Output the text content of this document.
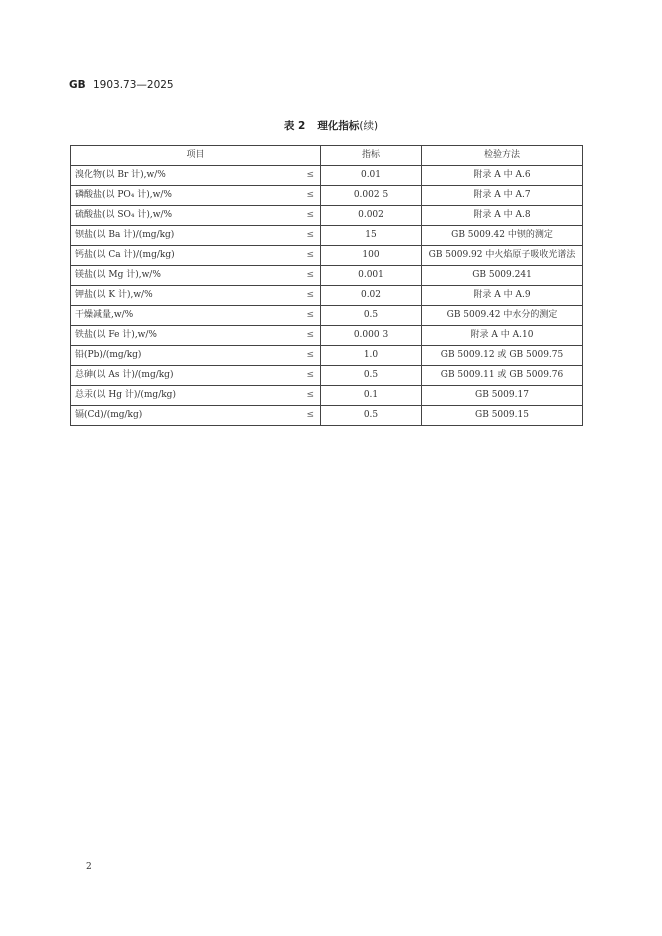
GB 1903.73—2025
表 2 理化指标(续)
项目		指标	检验方法
溴化物(以 Br 计),w/%	≤	0.01	附录 A 中 A.6
磷酸盐(以 PO₄ 计),w/%	≤	0.002 5	附录 A 中 A.7
硫酸盐(以 SO₄ 计),w/%	≤	0.002	附录 A 中 A.8
钡盐(以 Ba 计)/(mg/kg)	≤	15	GB 5009.42 中钡的测定
钙盐(以 Ca 计)/(mg/kg)	≤	100	GB 5009.92 中火焰原子吸收光谱法
镁盐(以 Mg 计),w/%	≤	0.001	GB 5009.241
钾盐(以 K 计),w/%	≤	0.02	附录 A 中 A.9
干燥减量,w/%	≤	0.5	GB 5009.42 中水分的测定
铁盐(以 Fe 计),w/%	≤	0.000 3	附录 A 中 A.10
铅(Pb)/(mg/kg)	≤	1.0	GB 5009.12 或 GB 5009.75
总砷(以 As 计)/(mg/kg)	≤	0.5	GB 5009.11 或 GB 5009.76
总汞(以 Hg 计)/(mg/kg)	≤	0.1	GB 5009.17
镉(Cd)/(mg/kg)	≤	0.5	GB 5009.15
2
